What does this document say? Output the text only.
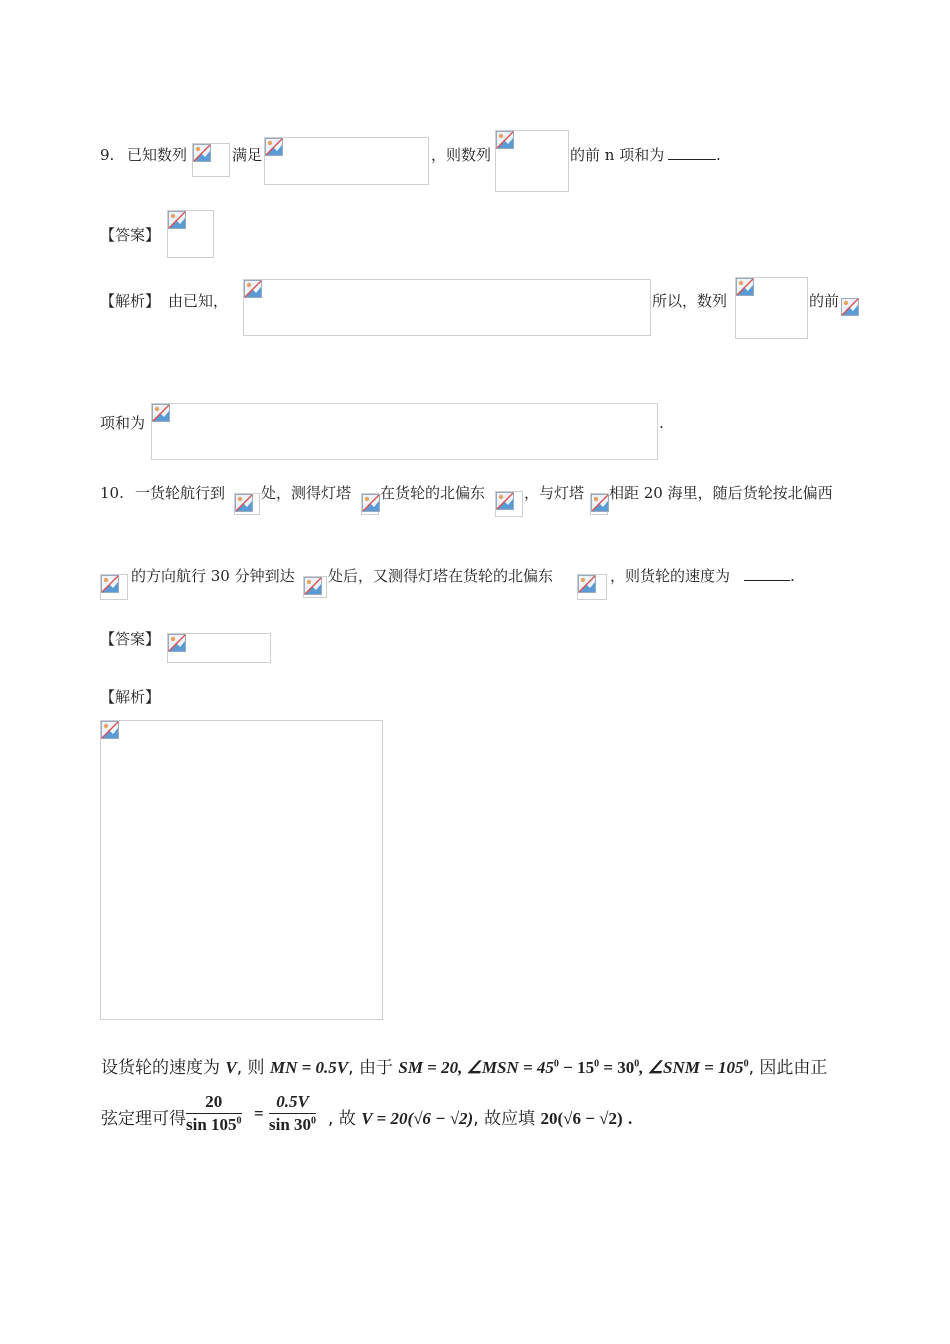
9. 已知数列	满足	，则数列	的前 n 项和为	.
【答案】
【解析】 由已知，	所以，数列	的前
项和为	.
10. 一货轮航行到 处，测得灯塔 在货轮的北偏东	，与灯塔 相距 20 海里，随后货轮按北偏西
的方向航行 30 分钟到达 处后，又测得灯塔在货轮的北偏东	，则货轮的速度为	.
【答案】
【解析】
设货轮的速度为 V, 则 MN = 0.5V, 由于 SM = 20, ∠MSN = $45^0 - 15^0 = 30^0$, ∠SNM = $105^0$, 因此由正
弦定理可得 $\frac{20}{\sin 105^0} = \frac{0.5V}{\sin 30^0}$ , 故 V = 20(√6 − √2), 故应填 20(√6 − √2) .
